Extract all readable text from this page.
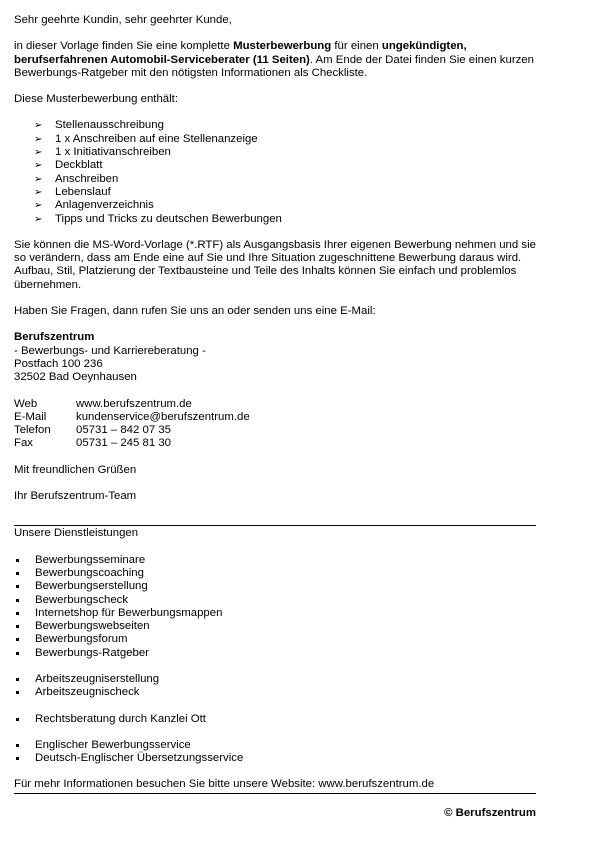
Sehr geehrte Kundin, sehr geehrter Kunde,

in dieser Vorlage finden Sie eine komplette Musterbewerbung für einen ungekündigten, berufserfahrenen Automobil-Serviceberater (11 Seiten). Am Ende der Datei finden Sie einen kurzen Bewerbungs-Ratgeber mit den nötigsten Informationen als Checkliste.

Diese Musterbewerbung enthält:

➢ Stellenausschreibung
➢ 1 x Anschreiben auf eine Stellenanzeige
➢ 1 x Initiativanschreiben
➢ Deckblatt
➢ Anschreiben
➢ Lebenslauf
➢ Anlagenverzeichnis
➢ Tipps und Tricks zu deutschen Bewerbungen

Sie können die MS-Word-Vorlage (*.RTF) als Ausgangsbasis Ihrer eigenen Bewerbung nehmen und sie so verändern, dass am Ende eine auf Sie und Ihre Situation zugeschnittene Bewerbung daraus wird. Aufbau, Stil, Platzierung der Textbausteine und Teile des Inhalts können Sie einfach und problemlos übernehmen.

Haben Sie Fragen, dann rufen Sie uns an oder senden uns eine E-Mail:

Berufszentrum

- Bewerbungs- und Karriereberatung -

Postfach 100 236

32502 Bad Oeynhausen

Web	www.berufszentrum.de
E-Mail	kundenservice@berufszentrum.de
Telefon	05731 – 842 07 35
Fax	05731 – 245 81 30

Mit freundlichen Grüßen

Ihr Berufszentrum-Team

Unsere Dienstleistungen

Bewerbungsseminare
Bewerbungscoaching
Bewerbungserstellung
Bewerbungscheck
Internetshop für Bewerbungsmappen
Bewerbungswebseiten
Bewerbungsforum
Bewerbungs-Ratgeber
Arbeitszeugniserstellung
Arbeitszeugnischeck
Rechtsberatung durch Kanzlei Ott
Englischer Bewerbungsservice
Deutsch-Englischer Übersetzungsservice

Für mehr Informationen besuchen Sie bitte unsere Website: www.berufszentrum.de

© Berufszentrum
